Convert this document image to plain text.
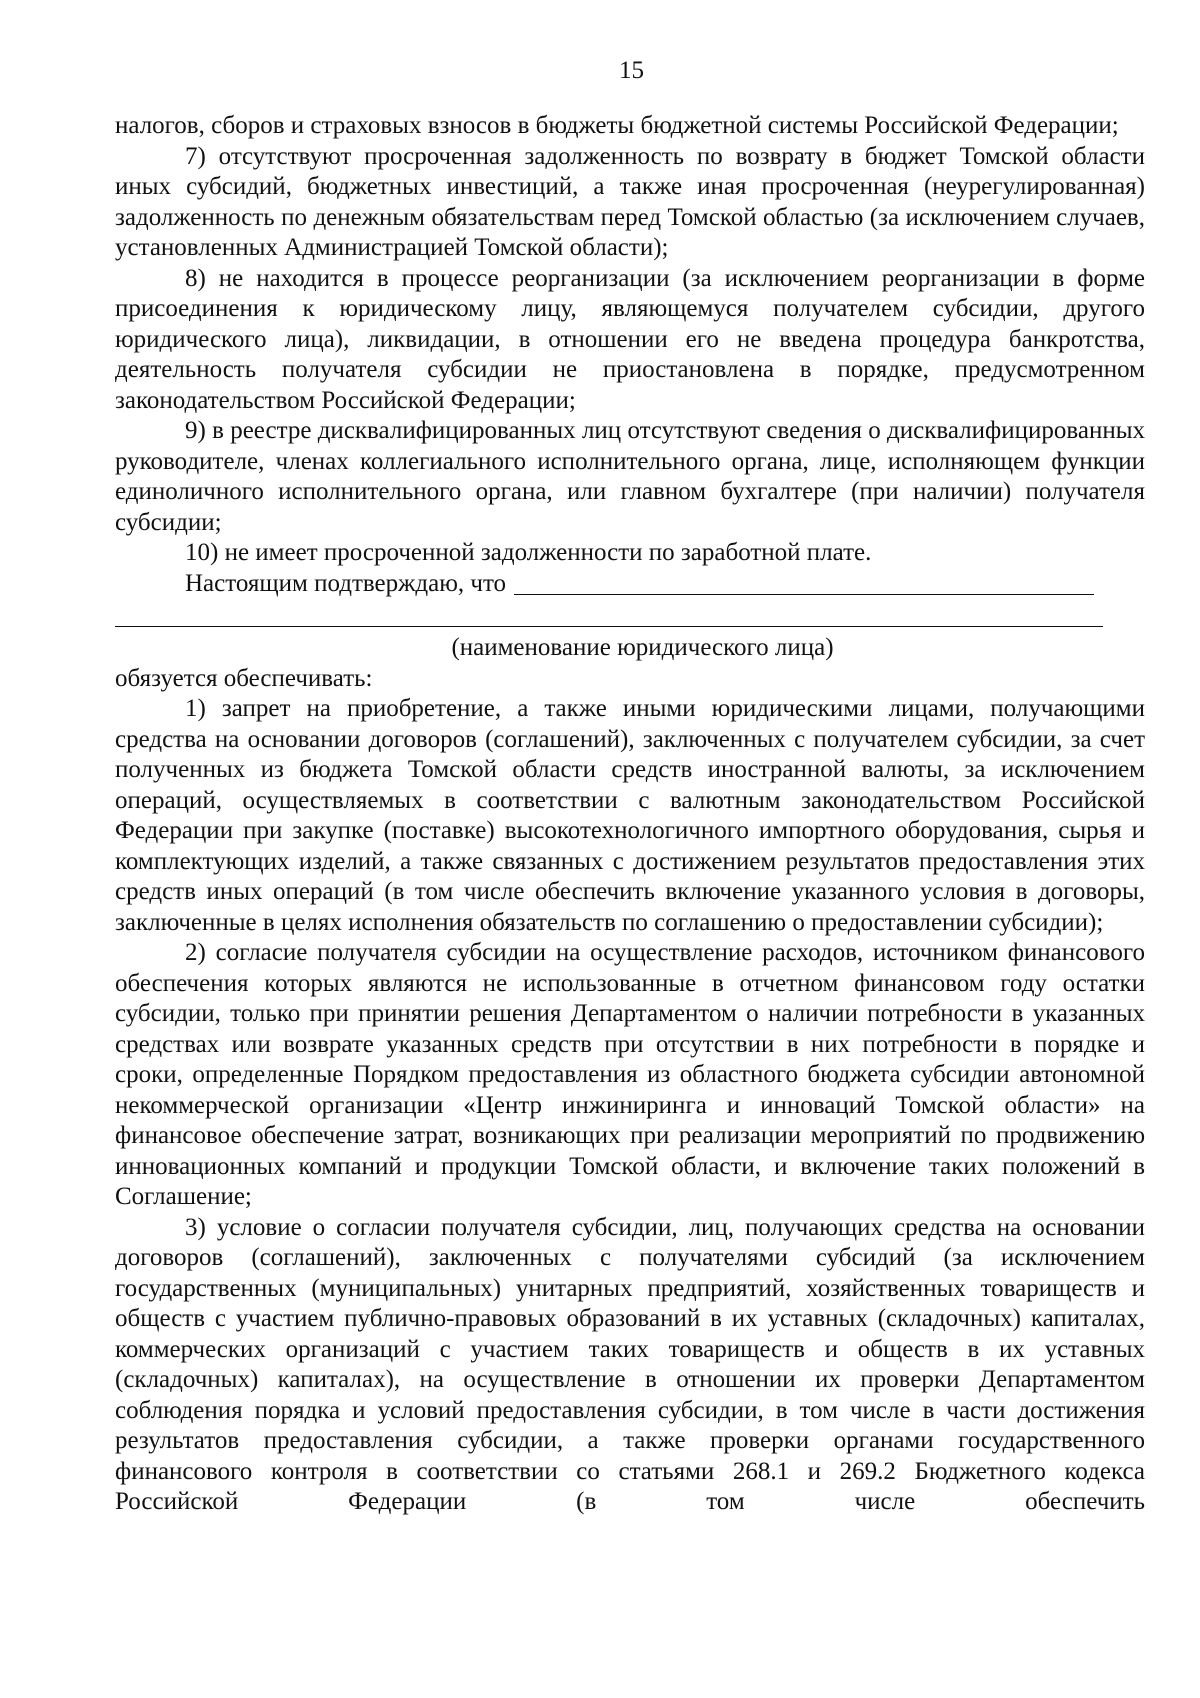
15

налогов, сборов и страховых взносов в бюджеты бюджетной системы Российской Федерации;

7) отсутствуют просроченная задолженность по возврату в бюджет Томской области иных субсидий, бюджетных инвестиций, а также иная просроченная (неурегулированная) задолженность по денежным обязательствам перед Томской областью (за исключением случаев, установленных Администрацией Томской области);

8) не находится в процессе реорганизации (за исключением реорганизации в форме присоединения к юридическому лицу, являющемуся получателем субсидии, другого юридического лица), ликвидации, в отношении его не введена процедура банкротства, деятельность получателя субсидии не приостановлена в порядке, предусмотренном законодательством Российской Федерации;

9) в реестре дисквалифицированных лиц отсутствуют сведения о дисквалифицированных руководителе, членах коллегиального исполнительного органа, лице, исполняющем функции единоличного исполнительного органа, или главном бухгалтере (при наличии) получателя субсидии;

10) не имеет просроченной задолженности по заработной плате.

Настоящим подтверждаю, что

(наименование юридического лица)

обязуется обеспечивать:

1) запрет на приобретение, а также иными юридическими лицами, получающими средства на основании договоров (соглашений), заключенных с получателем субсидии, за счет полученных из бюджета Томской области средств иностранной валюты, за исключением операций, осуществляемых в соответствии с валютным законодательством Российской Федерации при закупке (поставке) высокотехнологичного импортного оборудования, сырья и комплектующих изделий, а также связанных с достижением результатов предоставления этих средств иных операций (в том числе обеспечить включение указанного условия в договоры, заключенные в целях исполнения обязательств по соглашению о предоставлении субсидии);

2) согласие получателя субсидии на осуществление расходов, источником финансового обеспечения которых являются не использованные в отчетном финансовом году остатки субсидии, только при принятии решения Департаментом о наличии потребности в указанных средствах или возврате указанных средств при отсутствии в них потребности в порядке и сроки, определенные Порядком предоставления из областного бюджета субсидии автономной некоммерческой организации «Центр инжиниринга и инноваций Томской области» на финансовое обеспечение затрат, возникающих при реализации мероприятий по продвижению инновационных компаний и продукции Томской области, и включение таких положений в Соглашение;

3) условие о согласии получателя субсидии, лиц, получающих средства на основании договоров (соглашений), заключенных с получателями субсидий (за исключением государственных (муниципальных) унитарных предприятий, хозяйственных товариществ и обществ с участием публично-правовых образований в их уставных (складочных) капиталах, коммерческих организаций с участием таких товариществ и обществ в их уставных (складочных) капиталах), на осуществление в отношении их проверки Департаментом соблюдения порядка и условий предоставления субсидии, в том числе в части достижения результатов предоставления субсидии, а также проверки органами государственного финансового контроля в соответствии со статьями 268.1 и 269.2 Бюджетного кодекса Российской Федерации (в том числе обеспечить
